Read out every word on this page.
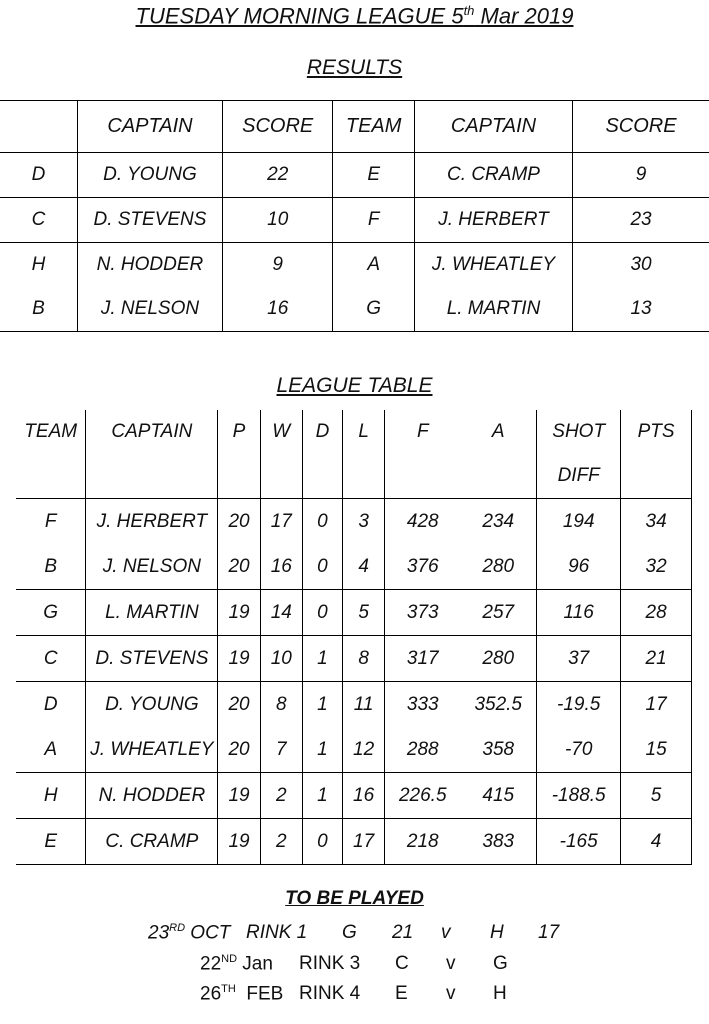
TUESDAY MORNING LEAGUE 5th Mar 2019
RESULTS
	CAPTAIN	SCORE	TEAM	CAPTAIN	SCORE
D	D. YOUNG	22	E	C. CRAMP	9
C	D. STEVENS	10	F	J. HERBERT	23
H	N. HODDER	9	A	J. WHEATLEY	30
B	J. NELSON	16	G	L. MARTIN	13
LEAGUE TABLE
TEAM	CAPTAIN	P	W	D	L	F	A	SHOT	PTS
								DIFF	
F	J. HERBERT	20	17	0	3	428	234	194	34
B	J. NELSON	20	16	0	4	376	280	96	32
G	L. MARTIN	19	14	0	5	373	257	116	28
C	D. STEVENS	19	10	1	8	317	280	37	21
D	D. YOUNG	20	8	1	11	333	352.5	-19.5	17
A	J. WHEATLEY	20	7	1	12	288	358	-70	15
H	N. HODDER	19	2	1	16	226.5	415	-188.5	5
E	C. CRAMP	19	2	0	17	218	383	-165	4
TO BE PLAYED
23RD OCT RINK 1 G 21 v H 17
22ND Jan RINK 3 C v G
26TH  FEB RINK 4 E v H
